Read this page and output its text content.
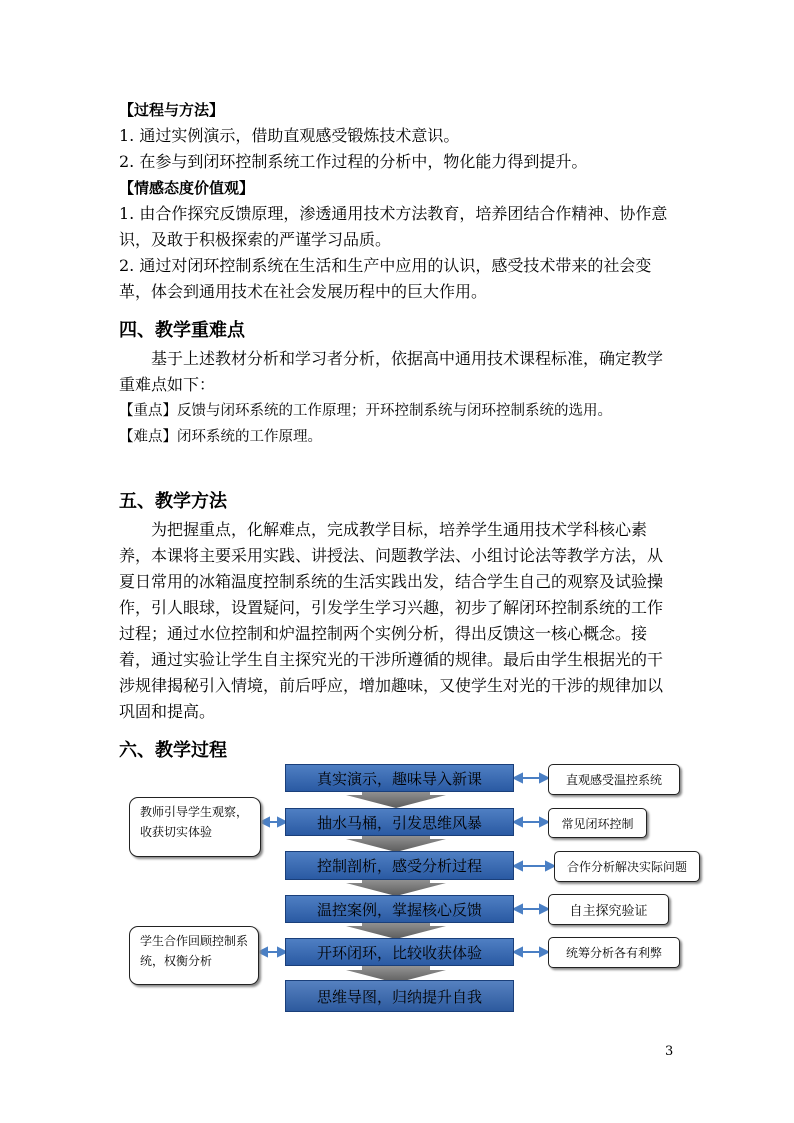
【过程与方法】
1. 通过实例演示，借助直观感受锻炼技术意识。
2. 在参与到闭环控制系统工作过程的分析中，物化能力得到提升。
【情感态度价值观】
1. 由合作探究反馈原理，渗透通用技术方法教育，培养团结合作精神、协作意
识，及敢于积极探索的严谨学习品质。
2. 通过对闭环控制系统在生活和生产中应用的认识，感受技术带来的社会变
革，体会到通用技术在社会发展历程中的巨大作用。
四、教学重难点
基于上述教材分析和学习者分析，依据高中通用技术课程标准，确定教学
重难点如下：
【重点】反馈与闭环系统的工作原理；开环控制系统与闭环控制系统的选用。
【难点】闭环系统的工作原理。
五、教学方法
为把握重点，化解难点，完成教学目标，培养学生通用技术学科核心素
养，本课将主要采用实践、讲授法、问题教学法、小组讨论法等教学方法，从
夏日常用的冰箱温度控制系统的生活实践出发，结合学生自己的观察及试验操
作，引人眼球，设置疑问，引发学生学习兴趣，初步了解闭环控制系统的工作
过程；通过水位控制和炉温控制两个实例分析，得出反馈这一核心概念。接
着，通过实验让学生自主探究光的干涉所遵循的规律。最后由学生根据光的干
涉规律揭秘引入情境，前后呼应，增加趣味，又使学生对光的干涉的规律加以
巩固和提高。
六、教学过程
真实演示，趣味导入新课
抽水马桶，引发思维风暴
控制剖析，感受分析过程
温控案例，掌握核心反馈
开环闭环，比较收获体验
思维导图，归纳提升自我
直观感受温控系统
常见闭环控制
合作分析解决实际问题
自主探究验证
统筹分析各有利弊
教师引导学生观察，收获切实体验
学生合作回顾控制系统，权衡分析
3
